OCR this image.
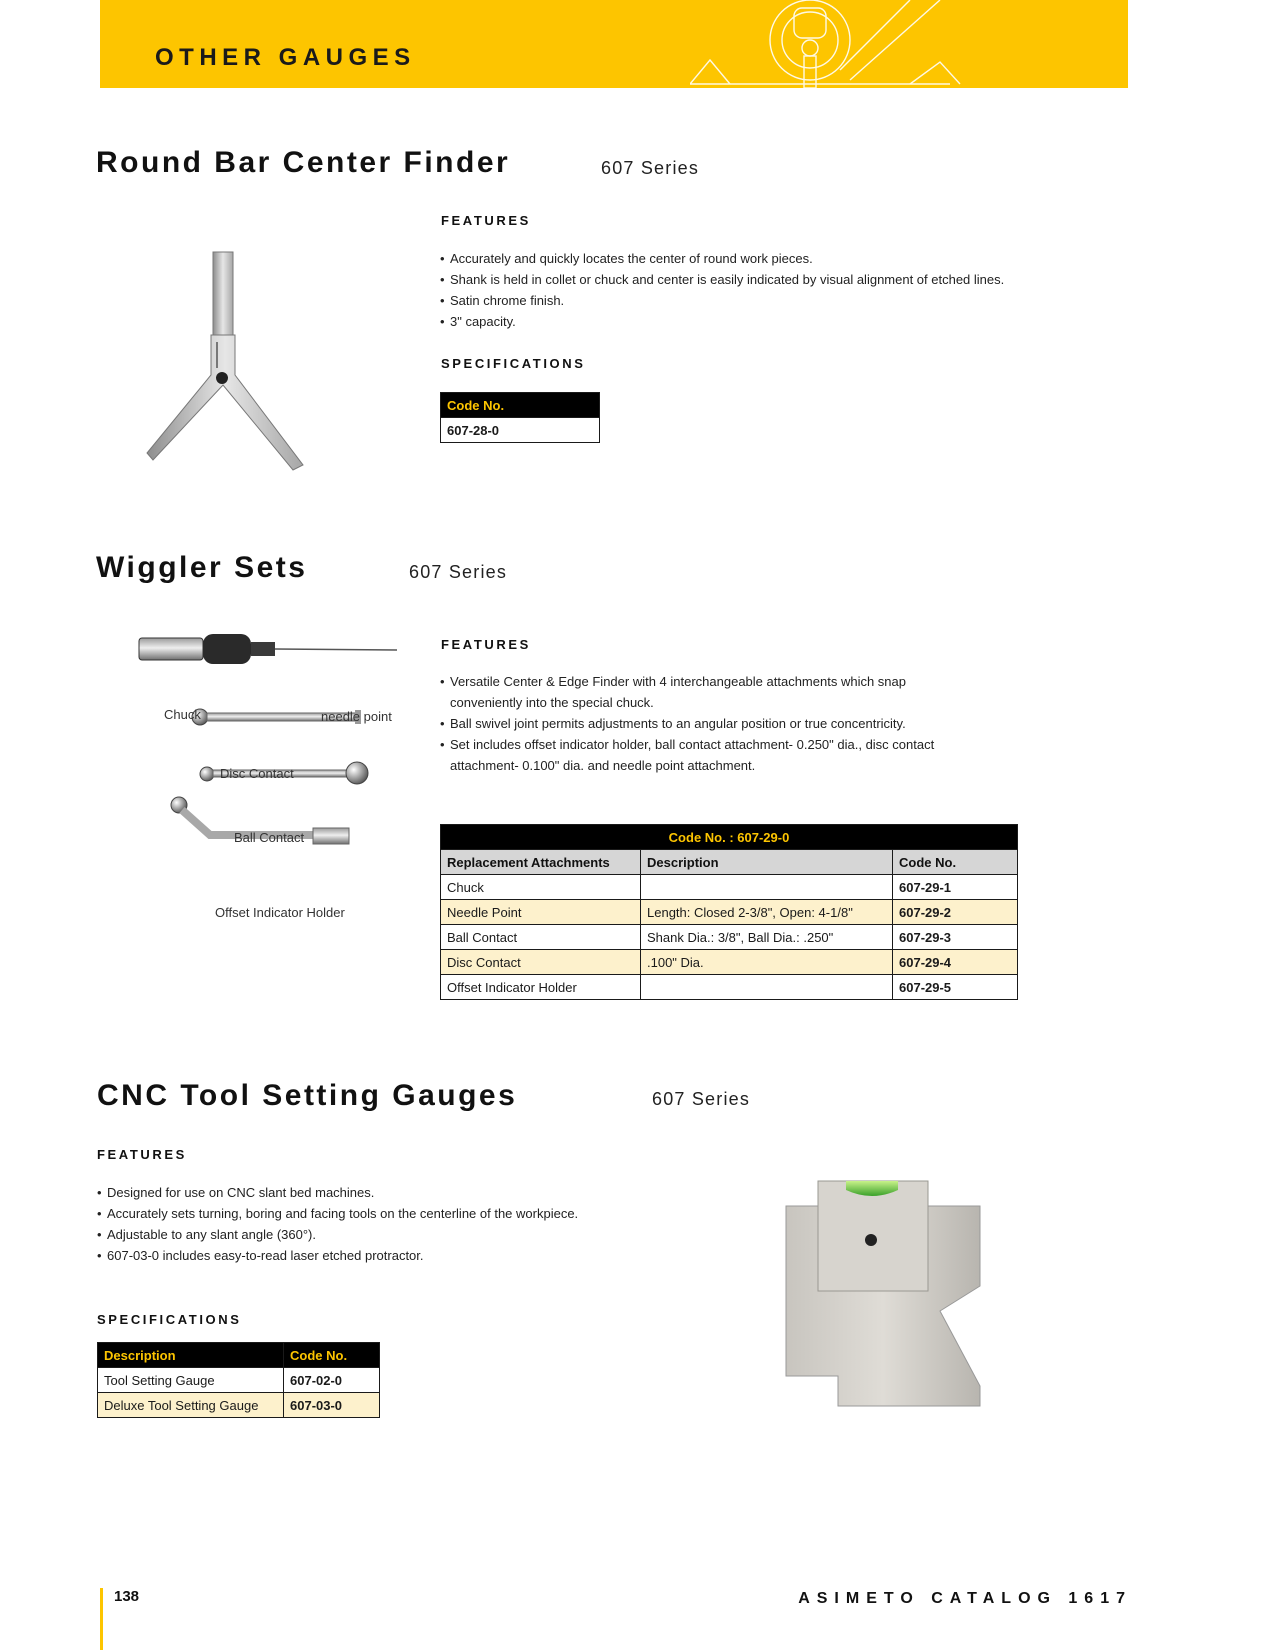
OTHER GAUGES
Round Bar Center Finder	607 Series
FEATURES
• Accurately and quickly locates the center of round work pieces.
• Shank is held in collet or chuck and center is easily indicated by visual alignment of etched lines.
• Satin chrome finish.
• 3" capacity.
SPECIFICATIONS
Code No.
607-28-0
Wiggler Sets	607 Series
Chuck	needle point
Disc Contact
Ball Contact
Offset Indicator Holder
FEATURES
• Versatile Center & Edge Finder with 4 interchangeable attachments which snap conveniently into the special chuck.
• Ball swivel joint permits adjustments to an angular position or true concentricity.
• Set includes offset indicator holder, ball contact attachment- 0.250" dia., disc contact attachment- 0.100" dia. and needle point attachment.
Code No. : 607-29-0		
Replacement Attachments	Description	Code No.
Chuck		607-29-1
Needle Point	Length: Closed 2-3/8", Open: 4-1/8"	607-29-2
Ball Contact	Shank Dia.: 3/8", Ball Dia.: .250"	607-29-3
Disc Contact	.100" Dia.	607-29-4
Offset Indicator Holder		607-29-5
CNC Tool Setting Gauges	607 Series
FEATURES
• Designed for use on CNC slant bed machines.
• Accurately sets turning, boring and facing tools on the centerline of the workpiece.
• Adjustable to any slant angle (360°).
• 607-03-0 includes easy-to-read laser etched protractor.
SPECIFICATIONS
Description	Code No.
Tool Setting Gauge	607-02-0
Deluxe Tool Setting Gauge	607-03-0
138	ASIMETO CATALOG 1617
